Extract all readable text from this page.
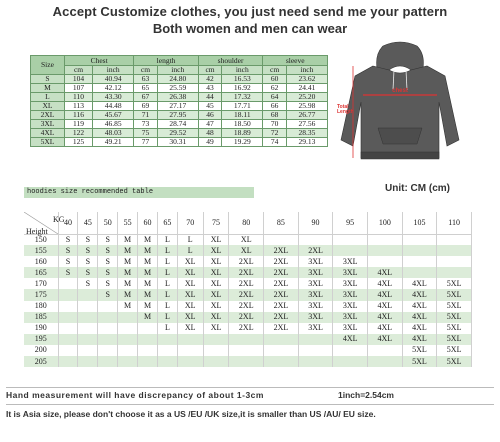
Accept Customize clothes, you just need send me your pattern
Both women and men can wear
Size	Chest		length		shoulder		sleeve	
	cm	inch	cm	inch	cm	inch	cm	inch
S	104	40.94	63	24.80	42	16.53	60	23.62
M	107	42.12	65	25.59	43	16.92	62	24.41
L	110	43.30	67	26.38	44	17.32	64	25.20
XL	113	44.48	69	27.17	45	17.71	66	25.98
2XL	116	45.67	71	27.95	46	18.11	68	26.77
3XL	119	46.85	73	28.74	47	18.50	70	27.56
4XL	122	48.03	75	29.52	48	18.89	72	28.35
5XL	125	49.21	77	30.31	49	19.29	74	29.13
chest
Total Length
hoodies size recommended table	Unit: CM (cm)
	40	45	50	55	60	65	70	75	80	85	90	95	100	105	110
150	S	S	S	M	M	L	L	XL	XL						
155	S	S	S	M	M	L	L	XL	XL	2XL	2XL				
160	S	S	S	M	M	L	XL	XL	2XL	2XL	3XL	3XL			
165	S	S	S	M	M	L	XL	XL	2XL	2XL	3XL	3XL	4XL		
170		S	S	M	M	L	XL	XL	2XL	2XL	3XL	3XL	4XL	4XL	5XL
175			S	M	M	L	XL	XL	2XL	2XL	3XL	3XL	4XL	4XL	5XL
180				M	M	L	XL	XL	2XL	2XL	3XL	3XL	4XL	4XL	5XL
185					M	L	XL	XL	2XL	2XL	3XL	3XL	4XL	4XL	5XL
190						L	XL	XL	2XL	2XL	3XL	3XL	4XL	4XL	5XL
195												4XL	4XL	4XL	5XL
200														5XL	5XL
205														5XL	5XL
KG
Height
Hand measurement will have discrepancy of about 1-3cm	1inch=2.54cm
It is Asia size, please don't choose it as a US /EU /UK size,it is smaller than US /AU/ EU size.
